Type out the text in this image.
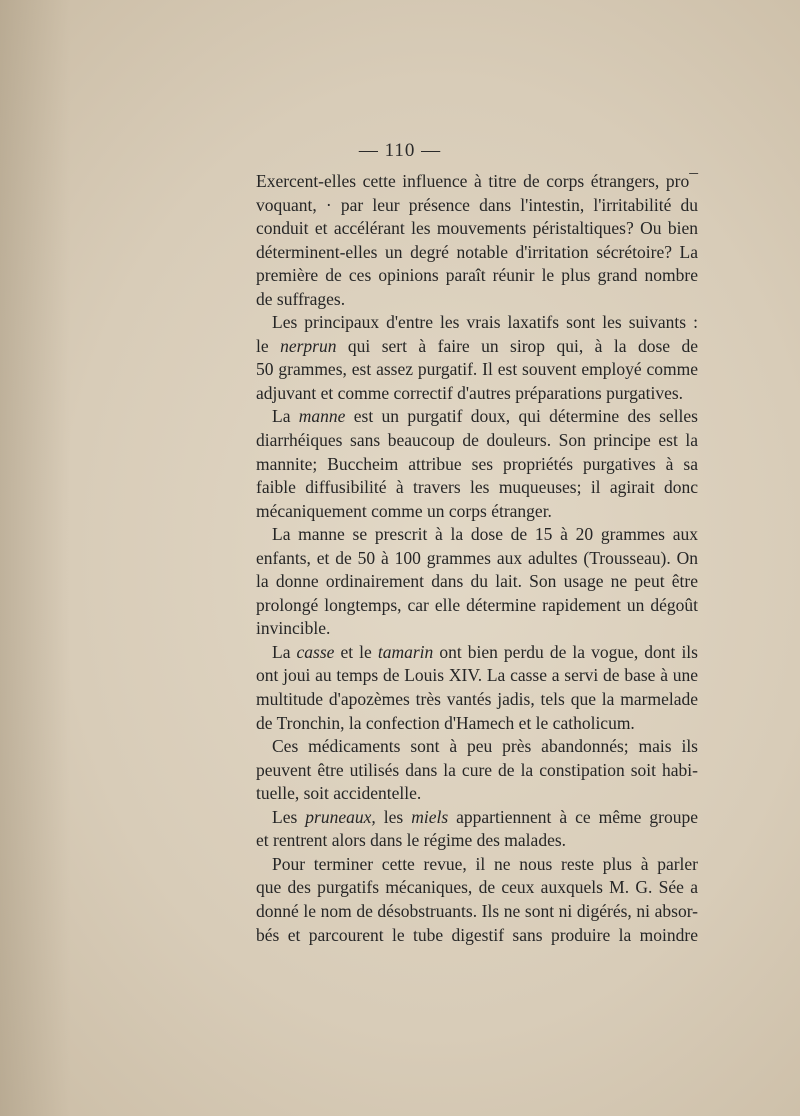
— 110 —
Exercent-elles cette influence à titre de corps étrangers, pro¯
voquant, · par leur présence dans l'intestin, l'irritabilité du
conduit et accélérant les mouvements péristaltiques? Ou bien
déterminent-elles un degré notable d'irritation sécrétoire? La
première de ces opinions paraît réunir le plus grand nombre
de suffrages.
Les principaux d'entre les vrais laxatifs sont les suivants :
le nerprun qui sert à faire un sirop qui, à la dose de
50 grammes, est assez purgatif. Il est souvent employé comme
adjuvant et comme correctif d'autres préparations purgatives.
La manne est un purgatif doux, qui détermine des selles
diarrhéiques sans beaucoup de douleurs. Son principe est la
mannite; Buccheim attribue ses propriétés purgatives à sa
faible diffusibilité à travers les muqueuses; il agirait donc
mécaniquement comme un corps étranger.
La manne se prescrit à la dose de 15 à 20 grammes aux
enfants, et de 50 à 100 grammes aux adultes (Trousseau). On
la donne ordinairement dans du lait. Son usage ne peut être
prolongé longtemps, car elle détermine rapidement un dégoût
invincible.
La casse et le tamarin ont bien perdu de la vogue, dont ils
ont joui au temps de Louis XIV. La casse a servi de base à une
multitude d'apozèmes très vantés jadis, tels que la marmelade
de Tronchin, la confection d'Hamech et le catholicum.
Ces médicaments sont à peu près abandonnés; mais ils
peuvent être utilisés dans la cure de la constipation soit habi-
tuelle, soit accidentelle.
Les pruneaux, les miels appartiennent à ce même groupe
et rentrent alors dans le régime des malades.
Pour terminer cette revue, il ne nous reste plus à parler
que des purgatifs mécaniques, de ceux auxquels M. G. Sée a
donné le nom de désobstruants. Ils ne sont ni digérés, ni absor-
bés et parcourent le tube digestif sans produire la moindre
